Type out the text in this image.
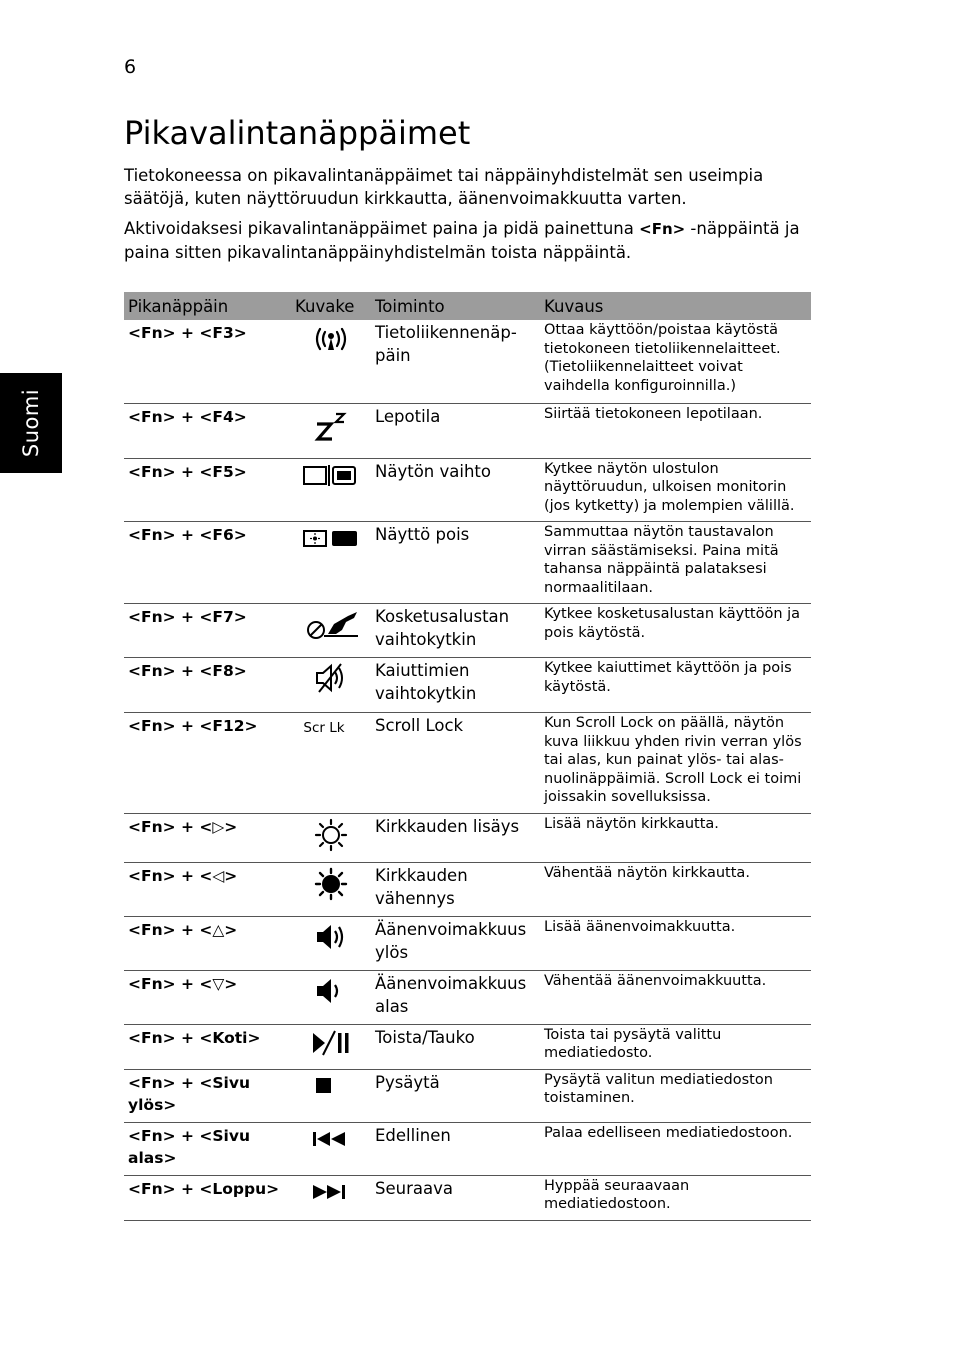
6
Suomi
Pikavalintanäppäimet

Tietokoneessa on pikavalintanäppäimet tai näppäinyhdistelmät sen useimpia säätöjä, kuten näyttöruudun kirkkautta, äänenvoimakkuutta varten.

Aktivoidaksesi pikavalintanäppäimet paina ja pidä painettuna <Fn> -näppäintä ja paina sitten pikavalintanäppäinyhdistelmän toista näppäintä.

Pikanäppäin	Kuvake	Toiminto	Kuvaus
<Fn> + <F3>		Tietoliikennenäp-päin	Ottaa käyttöön/poistaa käytöstä tietokoneen tietoliikennelaitteet. (Tietoliikennelaitteet voivat vaihdella konfiguroinnilla.)
<Fn> + <F4>		Lepotila	Siirtää tietokoneen lepotilaan.
<Fn> + <F5>		Näytön vaihto	Kytkee näytön ulostulon näyttöruudun, ulkoisen monitorin (jos kytketty) ja molempien välillä.
<Fn> + <F6>		Näyttö pois	Sammuttaa näytön taustavalon virran säästämiseksi. Paina mitä tahansa näppäintä palataksesi normaalitilaan.
<Fn> + <F7>		Kosketusalustan vaihtokytkin	Kytkee kosketusalustan käyttöön ja pois käytöstä.
<Fn> + <F8>		Kaiuttimien vaihtokytkin	Kytkee kaiuttimet käyttöön ja pois käytöstä.
<Fn> + <F12>	Scr Lk	Scroll Lock	Kun Scroll Lock on päällä, näytön kuva liikkuu yhden rivin verran ylös tai alas, kun painat ylös- tai alas-nuolinäppäimiä. Scroll Lock ei toimi joissakin sovelluksissa.
<Fn> + <▷>		Kirkkauden lisäys	Lisää näytön kirkkautta.
<Fn> + <◁>		Kirkkauden vähennys	Vähentää näytön kirkkautta.
<Fn> + <△>		Äänenvoimakkuus ylös	Lisää äänenvoimakkuutta.
<Fn> + <▽>		Äänenvoimakkuus alas	Vähentää äänenvoimakkuutta.
<Fn> + <Koti>		Toista/Tauko	Toista tai pysäytä valittu mediatiedosto.
<Fn> + <Sivu ylös>		Pysäytä	Pysäytä valitun mediatiedoston toistaminen.
<Fn> + <Sivu alas>		Edellinen	Palaa edelliseen mediatiedostoon.
<Fn> + <Loppu>		Seuraava	Hyppää seuraavaan mediatiedostoon.
